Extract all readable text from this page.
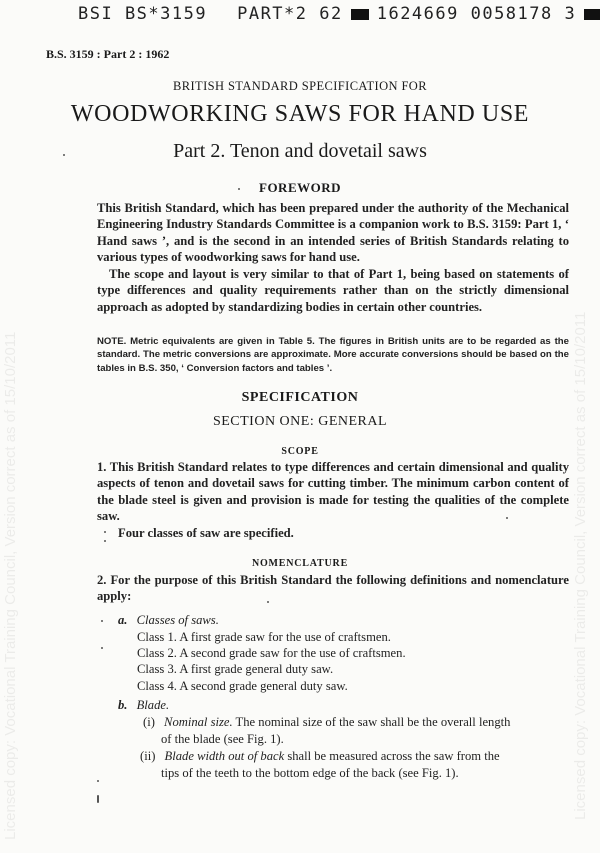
BSI BS*3159 PART*2 62 1624669 0058178 3
B.S. 3159 : Part 2 : 1962
Licensed copy: Vocational Training Council, Version correct as of 15/10/2011	Licensed copy: Vocational Training Council, Version correct as of 15/10/2011
BRITISH STANDARD SPECIFICATION FOR
WOODWORKING SAWS FOR HAND USE
Part 2. Tenon and dovetail saws
FOREWORD
This British Standard, which has been prepared under the authority of the Mechanical Engineering Industry Standards Committee is a companion work to B.S. 3159: Part 1, ‘ Hand saws ’, and is the second in an intended series of British Standards relating to various types of woodworking saws for hand use.
The scope and layout is very similar to that of Part 1, being based on statements of type differences and quality requirements rather than on the strictly dimensional approach as adopted by standardizing bodies in certain other countries.
NOTE. Metric equivalents are given in Table 5. The figures in British units are to be regarded as the standard. The metric conversions are approximate. More accurate conversions should be based on the tables in B.S. 350, ‘ Conversion factors and tables ’.
SPECIFICATION
SECTION ONE: GENERAL
SCOPE
1. This British Standard relates to type differences and certain dimensional and quality aspects of tenon and dovetail saws for cutting timber. The minimum carbon content of the blade steel is given and provision is made for testing the qualities of the complete saw.
Four classes of saw are specified.
NOMENCLATURE
2. For the purpose of this British Standard the following definitions and nomenclature apply:
a. Classes of saws.
Class 1. A first grade saw for the use of craftsmen.
Class 2. A second grade saw for the use of craftsmen.
Class 3. A first grade general duty saw.
Class 4. A second grade general duty saw.
b. Blade.
(i) Nominal size. The nominal size of the saw shall be the overall length
of the blade (see Fig. 1).
(ii) Blade width out of back shall be measured across the saw from the
tips of the teeth to the bottom edge of the back (see Fig. 1).
